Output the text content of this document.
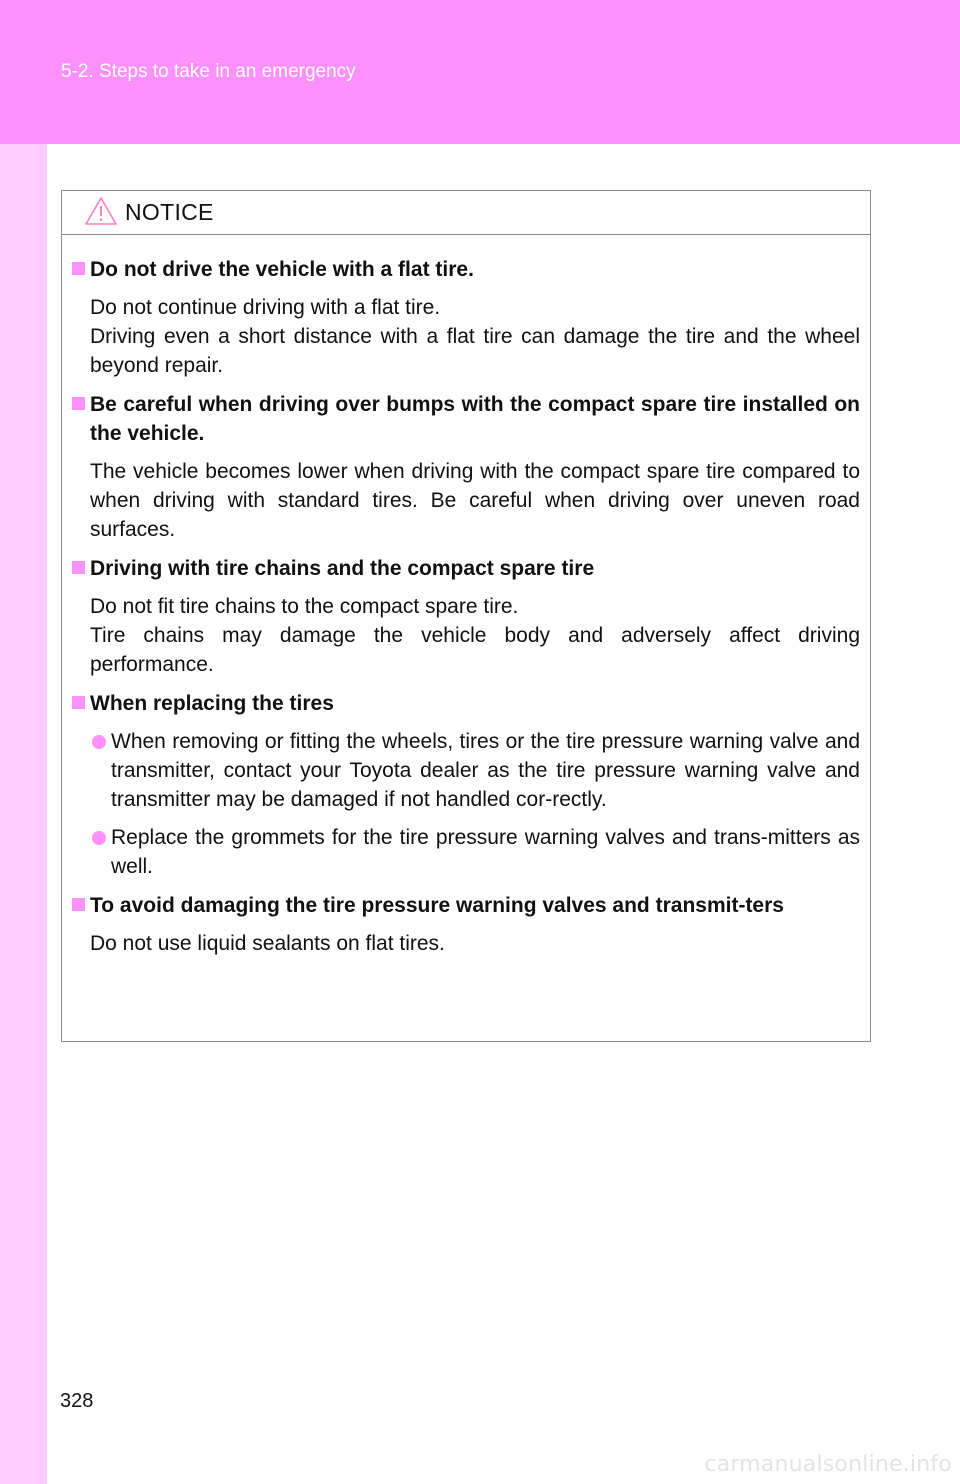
5-2. Steps to take in an emergency
NOTICE
Do not drive the vehicle with a flat tire.
Do not continue driving with a flat tire.
Driving even a short distance with a flat tire can damage the tire and the wheel beyond repair.
Be careful when driving over bumps with the compact spare tire installed on the vehicle.
The vehicle becomes lower when driving with the compact spare tire compared to when driving with standard tires. Be careful when driving over uneven road surfaces.
Driving with tire chains and the compact spare tire
Do not fit tire chains to the compact spare tire.
Tire chains may damage the vehicle body and adversely affect driving performance.
When replacing the tires
When removing or fitting the wheels, tires or the tire pressure warning valve and transmitter, contact your Toyota dealer as the tire pressure warning valve and transmitter may be damaged if not handled cor-rectly.
Replace the grommets for the tire pressure warning valves and trans-mitters as well.
To avoid damaging the tire pressure warning valves and transmit-ters
Do not use liquid sealants on flat tires.
328
carmanualsonline.info
